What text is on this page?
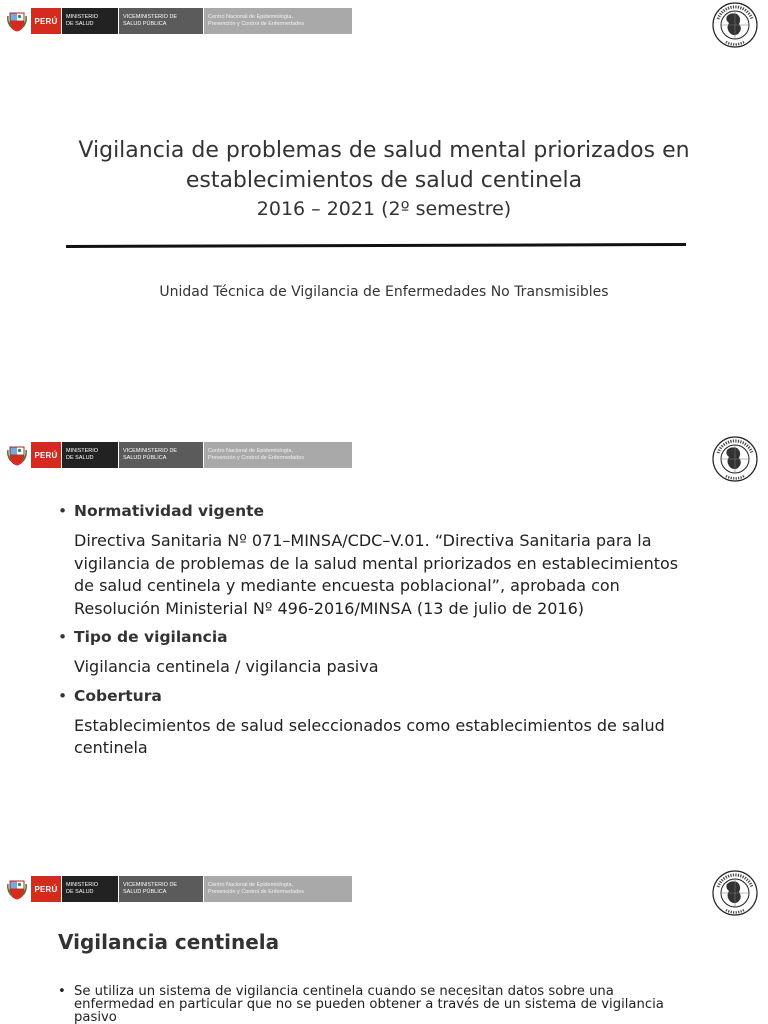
PERÚ	MINISTERIO
DE SALUD
VICEMINISTERIO DE
SALUD PÚBLICA
Centro Nacional de Epidemiología,
Prevención y Control de Enfermedades
Vigilancia de problemas de salud mental priorizados en
establecimientos de salud centinela
2016 – 2021 (2º semestre)
Unidad Técnica de Vigilancia de Enfermedades No Transmisibles
PERÚ	MINISTERIO
DE SALUD
VICEMINISTERIO DE
SALUD PÚBLICA
Centro Nacional de Epidemiología,
Prevención y Control de Enfermedades
• Normatividad vigente

Directiva Sanitaria Nº 071–MINSA/CDC–V.01. “Directiva Sanitaria para la
vigilancia de problemas de la salud mental priorizados en establecimientos
de salud centinela y mediante encuesta poblacional”, aprobada con
Resolución Ministerial Nº 496-2016/MINSA (13 de julio de 2016)

• Tipo de vigilancia

Vigilancia centinela / vigilancia pasiva

• Cobertura

Establecimientos de salud seleccionados como establecimientos de salud
centinela

PERÚ	MINISTERIO
DE SALUD
VICEMINISTERIO DE
SALUD PÚBLICA
Centro Nacional de Epidemiología,
Prevención y Control de Enfermedades
Vigilancia centinela
• Se utiliza un sistema de vigilancia centinela cuando se necesitan datos sobre una
enfermedad en particular que no se pueden obtener a través de un sistema de vigilancia
pasivo
